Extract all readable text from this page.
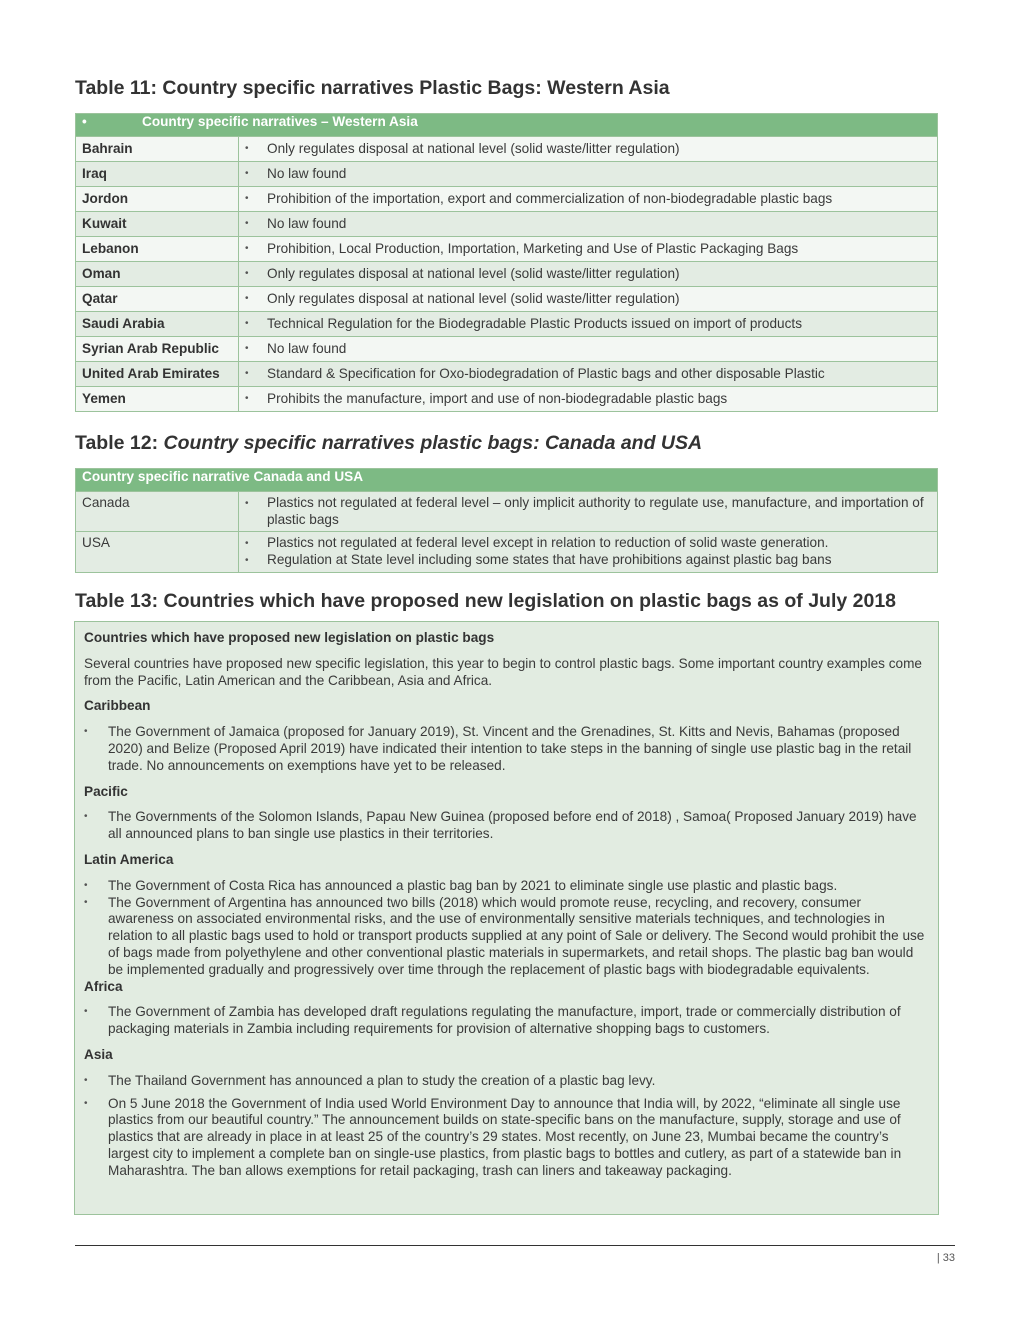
Table 11: Country specific narratives Plastic Bags: Western Asia
• Country specific narratives – Western Asia	
Bahrain	• Only regulates disposal at national level (solid waste/litter regulation)

Iraq	• No law found

Jordon	• Prohibition of the importation, export and commercialization of non-biodegradable plastic bags

Kuwait	• No law found

Lebanon	• Prohibition, Local Production, Importation, Marketing and Use of Plastic Packaging Bags

Oman	• Only regulates disposal at national level (solid waste/litter regulation)

Qatar	• Only regulates disposal at national level (solid waste/litter regulation)

Saudi Arabia	• Technical Regulation for the Biodegradable Plastic Products issued on import of products

Syrian Arab Republic	• No law found

United Arab Emirates	• Standard & Specification for Oxo-biodegradation of Plastic bags and other disposable Plastic

Yemen	• Prohibits the manufacture, import and use of non-biodegradable plastic bags
Table 12: Country specific narratives plastic bags: Canada and USA
Country specific narrative Canada and USA	
Canada	• Plastics not regulated at federal level – only implicit authority to regulate use, manufacture, and importation of plastic bags

USA	• Plastics not regulated at federal level except in relation to reduction of solid waste generation.
• Regulation at State level including some states that have prohibitions against plastic bag bans
Table 13: Countries which have proposed new legislation on plastic bags as of July 2018
Countries which have proposed new legislation on plastic bags

Several countries have proposed new specific legislation, this year to begin to control plastic bags. Some important country examples come from the Pacific, Latin American and the Caribbean, Asia and Africa.

Caribbean
•	The Government of Jamaica (proposed for January 2019), St. Vincent and the Grenadines, St. Kitts and Nevis, Bahamas (proposed 2020) and Belize (Proposed April 2019) have indicated their intention to take steps in the banning of single use plastic bag in the retail trade. No announcements on exemptions have yet to be released.
Pacific
•	The Governments of the Solomon Islands, Papau New Guinea (proposed before end of 2018) , Samoa( Proposed January 2019) have all announced plans to ban single use plastics in their territories.
Latin America
•	The Government of Costa Rica has announced a plastic bag ban by 2021 to eliminate single use plastic and plastic bags.
•	The Government of Argentina has announced two bills (2018) which would promote reuse, recycling, and recovery, consumer awareness on associated environmental risks, and the use of environmentally sensitive materials techniques, and technologies in relation to all plastic bags used to hold or transport products supplied at any point of Sale or delivery. The Second would prohibit the use of bags made from polyethylene and other conventional plastic materials in supermarkets, and retail shops. The plastic bag ban would be implemented gradually and progressively over time through the replacement of plastic bags with biodegradable equivalents.
Africa
•	The Government of Zambia has developed draft regulations regulating the manufacture, import, trade or commercially distribution of packaging materials in Zambia including requirements for provision of alternative shopping bags to customers.
Asia
•	The Thailand Government has announced a plan to study the creation of a plastic bag levy.
•	On 5 June 2018 the Government of India used World Environment Day to announce that India will, by 2022, “eliminate all single use plastics from our beautiful country.” The announcement builds on state-specific bans on the manufacture, supply, storage and use of plastics that are already in place in at least 25 of the country’s 29 states. Most recently, on June 23, Mumbai became the country’s largest city to implement a complete ban on single-use plastics, from plastic bags to bottles and cutlery, as part of a statewide ban in Maharashtra. The ban allows exemptions for retail packaging, trash can liners and takeaway packaging.
| 33
